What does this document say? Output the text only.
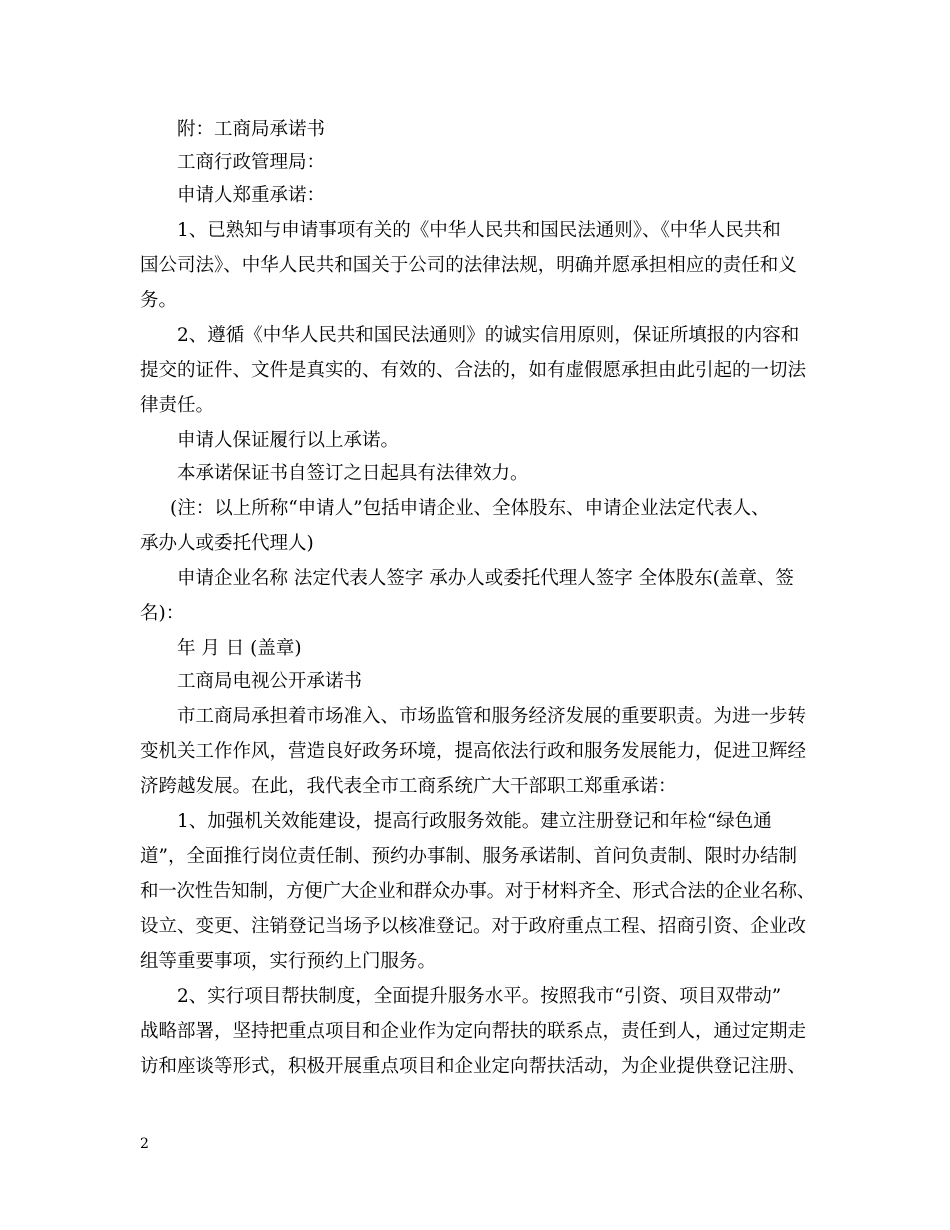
附：工商局承诺书
工商行政管理局：
申请人郑重承诺：
1、已熟知与申请事项有关的《中华人民共和国民法通则》、《中华人民共和
国公司法》、中华人民共和国关于公司的法律法规，明确并愿承担相应的责任和义
务。
2、遵循《中华人民共和国民法通则》的诚实信用原则，保证所填报的内容和
提交的证件、文件是真实的、有效的、合法的，如有虚假愿承担由此引起的一切法
律责任。
申请人保证履行以上承诺。
本承诺保证书自签订之日起具有法律效力。
(注：以上所称“申请人”包括申请企业、全体股东、申请企业法定代表人、
承办人或委托代理人)
申请企业名称 法定代表人签字 承办人或委托代理人签字 全体股东(盖章、签
名)：
年 月 日 (盖章)
工商局电视公开承诺书
市工商局承担着市场准入、市场监管和服务经济发展的重要职责。为进一步转
变机关工作作风，营造良好政务环境，提高依法行政和服务发展能力，促进卫辉经
济跨越发展。在此，我代表全市工商系统广大干部职工郑重承诺：
1、加强机关效能建设，提高行政服务效能。建立注册登记和年检“绿色通
道”，全面推行岗位责任制、预约办事制、服务承诺制、首问负责制、限时办结制
和一次性告知制，方便广大企业和群众办事。对于材料齐全、形式合法的企业名称、
设立、变更、注销登记当场予以核准登记。对于政府重点工程、招商引资、企业改
组等重要事项，实行预约上门服务。
2、实行项目帮扶制度，全面提升服务水平。按照我市“引资、项目双带动”
战略部署，坚持把重点项目和企业作为定向帮扶的联系点，责任到人，通过定期走
访和座谈等形式，积极开展重点项目和企业定向帮扶活动，为企业提供登记注册、
2
